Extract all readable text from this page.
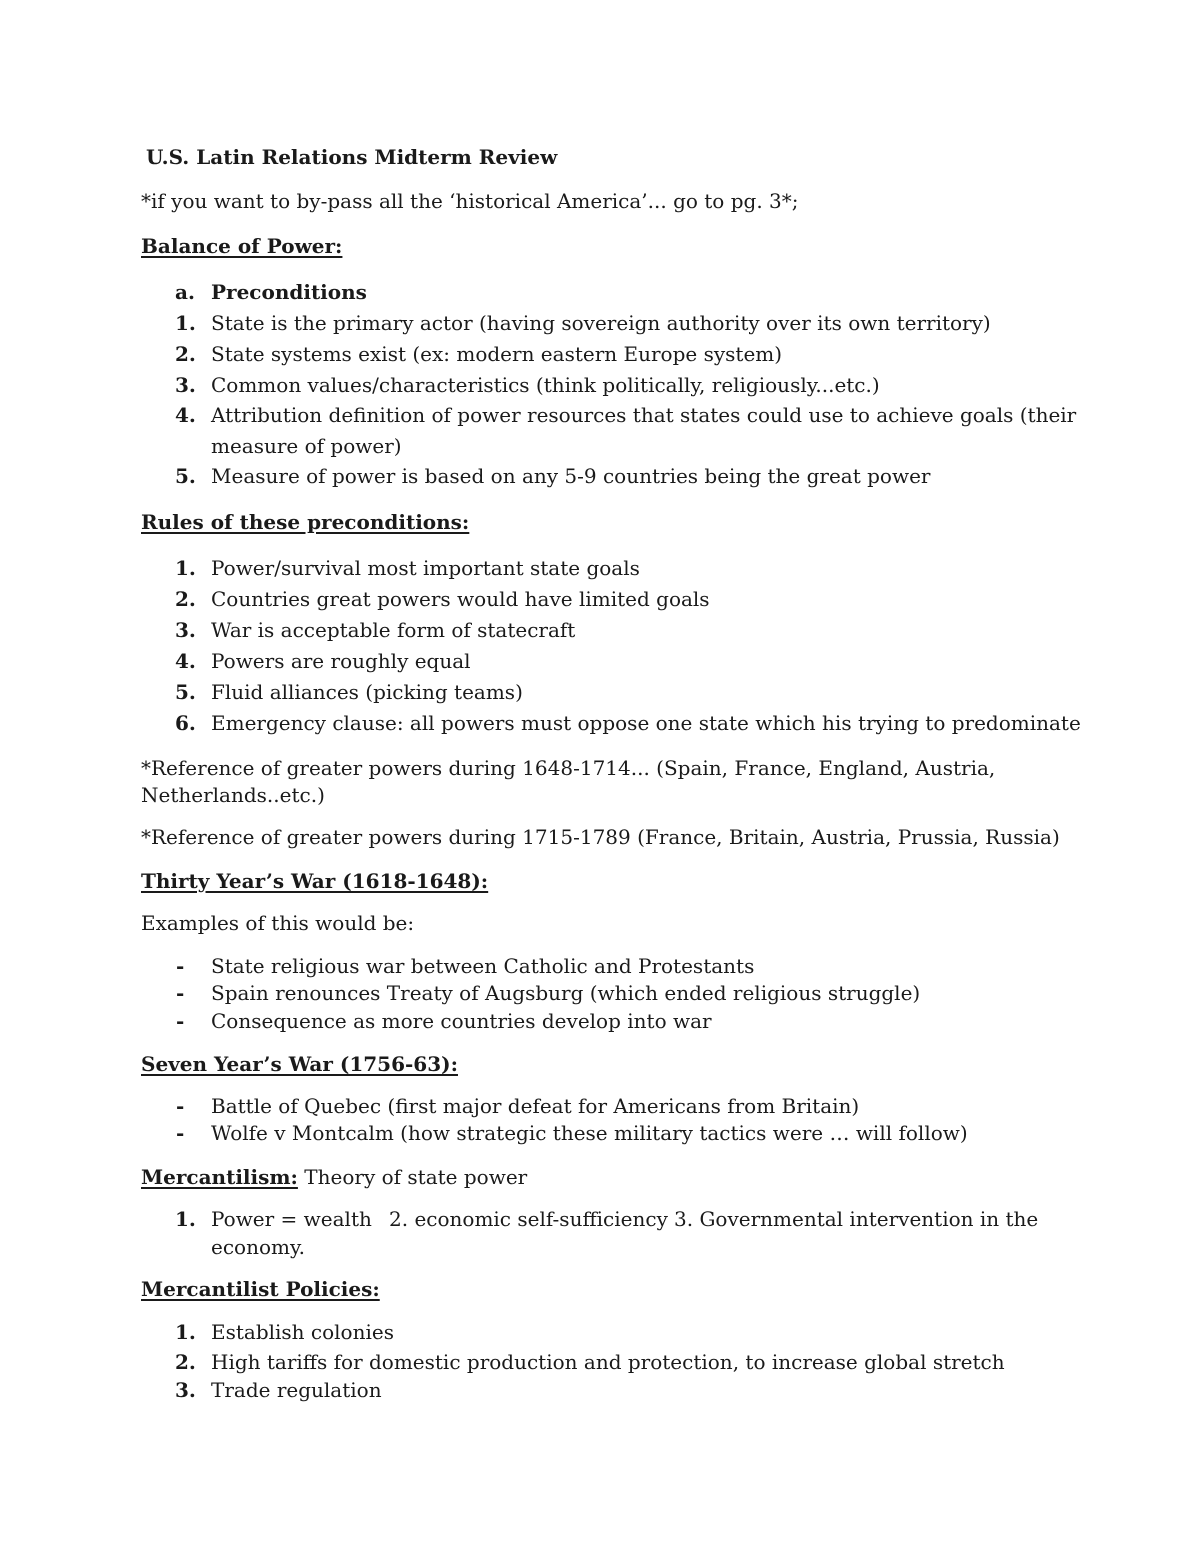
U.S. Latin Relations Midterm Review
*if you want to by-pass all the ‘historical America’... go to pg. 3*;
Balance of Power:
a. Preconditions
1. State is the primary actor (having sovereign authority over its own territory)
2. State systems exist (ex: modern eastern Europe system)
3. Common values/characteristics (think politically, religiously...etc.)
4. Attribution definition of power resources that states could use to achieve goals (their
measure of power)
5. Measure of power is based on any 5-9 countries being the great power
Rules of these preconditions:
1. Power/survival most important state goals
2. Countries great powers would have limited goals
3. War is acceptable form of statecraft
4. Powers are roughly equal
5. Fluid alliances (picking teams)
6. Emergency clause: all powers must oppose one state which his trying to predominate
*Reference of greater powers during 1648-1714... (Spain, France, England, Austria,
Netherlands..etc.)
*Reference of greater powers during 1715-1789 (France, Britain, Austria, Prussia, Russia)
Thirty Year’s War (1618-1648):
Examples of this would be:
- State religious war between Catholic and Protestants
- Spain renounces Treaty of Augsburg (which ended religious struggle)
- Consequence as more countries develop into war
Seven Year’s War (1756-63):
- Battle of Quebec (first major defeat for Americans from Britain)
- Wolfe v Montcalm (how strategic these military tactics were … will follow)
Mercantilism: Theory of state power
1. Power = wealth 2. economic self-sufficiency 3. Governmental intervention in the
economy.
Mercantilist Policies:
1. Establish colonies
2. High tariffs for domestic production and protection, to increase global stretch
3. Trade regulation
